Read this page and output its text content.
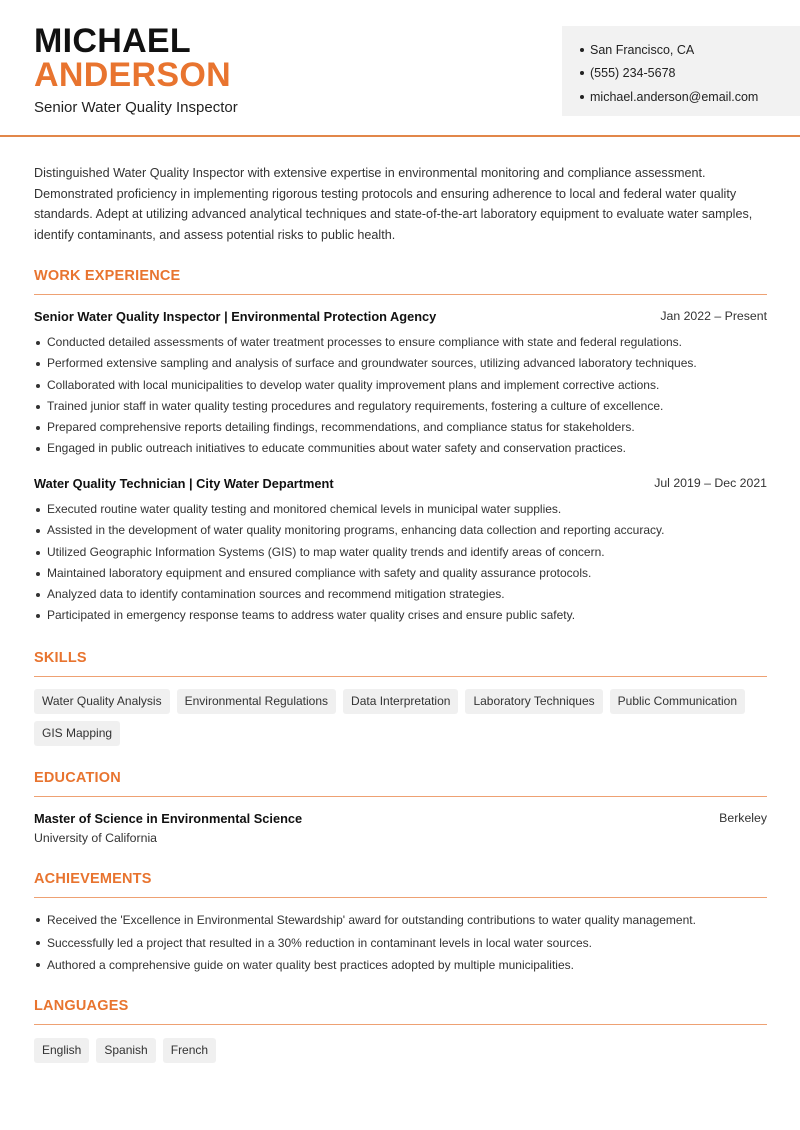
MICHAEL
ANDERSON
Senior Water Quality Inspector
San Francisco, CA
(555) 234-5678
michael.anderson@email.com

Distinguished Water Quality Inspector with extensive expertise in environmental monitoring and compliance assessment. Demonstrated proficiency in implementing rigorous testing protocols and ensuring adherence to local and federal water quality standards. Adept at utilizing advanced analytical techniques and state-of-the-art laboratory equipment to evaluate water samples, identify contaminants, and assess potential risks to public health.

WORK EXPERIENCE
Senior Water Quality Inspector | Environmental Protection Agency	Jan 2022 – Present
Conducted detailed assessments of water treatment processes to ensure compliance with state and federal regulations.
Performed extensive sampling and analysis of surface and groundwater sources, utilizing advanced laboratory techniques.
Collaborated with local municipalities to develop water quality improvement plans and implement corrective actions.
Trained junior staff in water quality testing procedures and regulatory requirements, fostering a culture of excellence.
Prepared comprehensive reports detailing findings, recommendations, and compliance status for stakeholders.
Engaged in public outreach initiatives to educate communities about water safety and conservation practices.
Water Quality Technician | City Water Department	Jul 2019 – Dec 2021
Executed routine water quality testing and monitored chemical levels in municipal water supplies.
Assisted in the development of water quality monitoring programs, enhancing data collection and reporting accuracy.
Utilized Geographic Information Systems (GIS) to map water quality trends and identify areas of concern.
Maintained laboratory equipment and ensured compliance with safety and quality assurance protocols.
Analyzed data to identify contamination sources and recommend mitigation strategies.
Participated in emergency response teams to address water quality crises and ensure public safety.
SKILLS
Water Quality Analysis	Environmental Regulations	Data Interpretation	Laboratory Techniques	Public Communication
GIS Mapping
EDUCATION
Master of Science in Environmental Science	Berkeley
University of California
ACHIEVEMENTS
Received the 'Excellence in Environmental Stewardship' award for outstanding contributions to water quality management.
Successfully led a project that resulted in a 30% reduction in contaminant levels in local water sources.
Authored a comprehensive guide on water quality best practices adopted by multiple municipalities.
LANGUAGES
English	Spanish	French
